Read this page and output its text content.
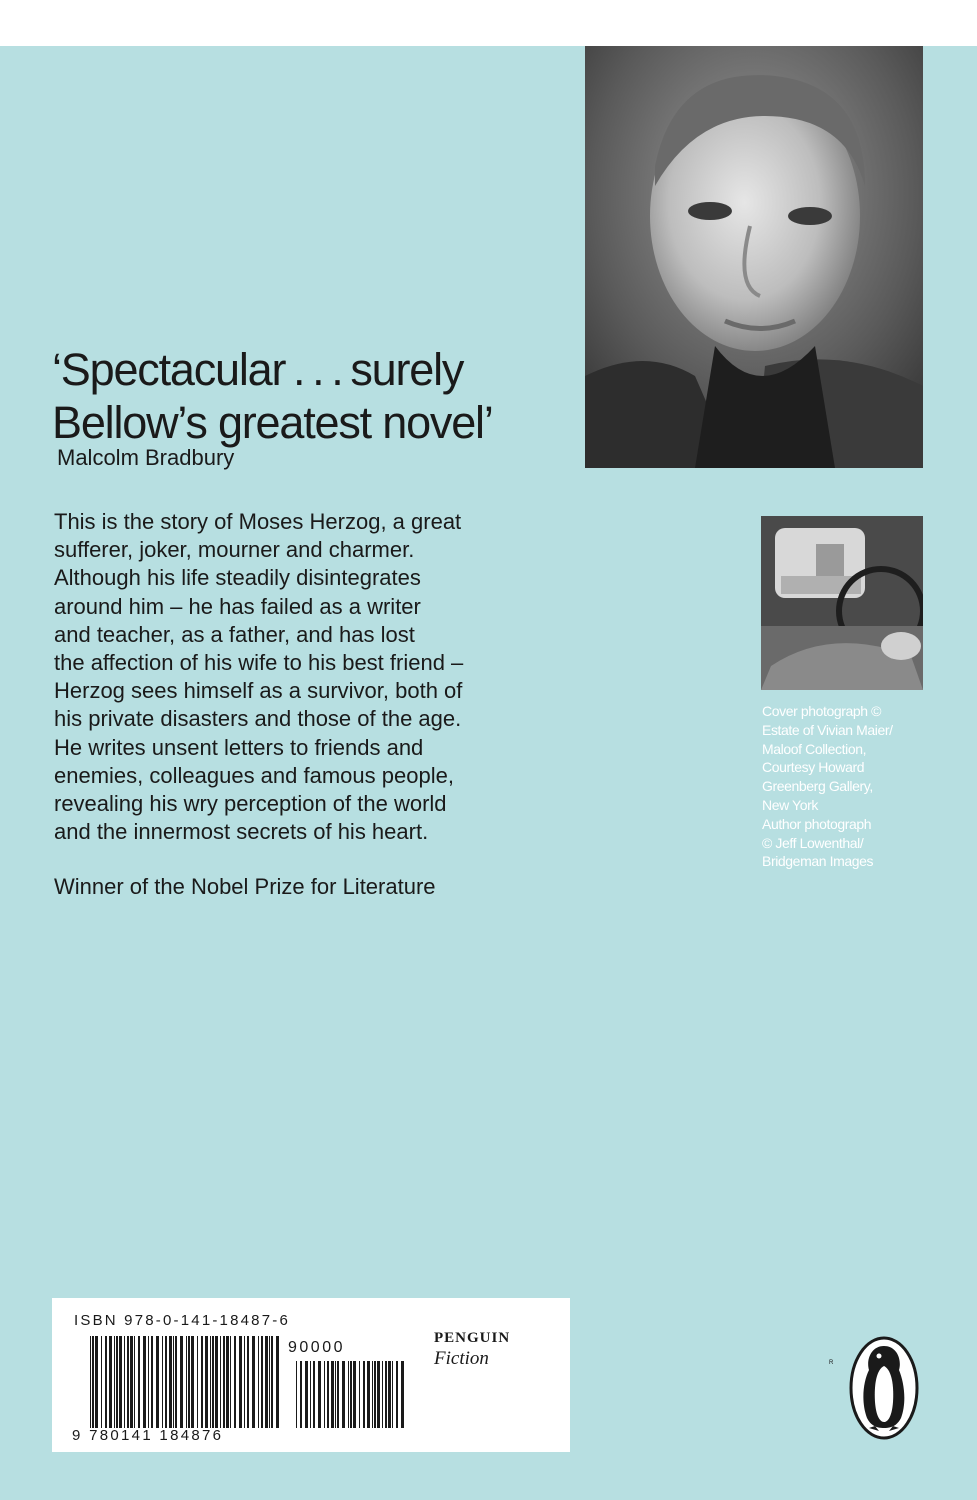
‘Spectacular . . . surely
Bellow’s greatest novel’
Malcolm Bradbury
This is the story of Moses Herzog, a great
sufferer, joker, mourner and charmer.
Although his life steadily disintegrates
around him – he has failed as a writer
and teacher, as a father, and has lost
the affection of his wife to his best friend –
Herzog sees himself as a survivor, both of
his private disasters and those of the age.
He writes unsent letters to friends and
enemies, colleagues and famous people,
revealing his wry perception of the world
and the innermost secrets of his heart.
Winner of the Nobel Prize for Literature
Cover photograph ©
Estate of Vivian Maier/
Maloof Collection,
Courtesy Howard
Greenberg Gallery,
New York
Author photograph
© Jeff Lowenthal/
Bridgeman Images
ISBN 978-0-141-18487-6
90000
9 780141 184876
PENGUIN
Fiction	R
